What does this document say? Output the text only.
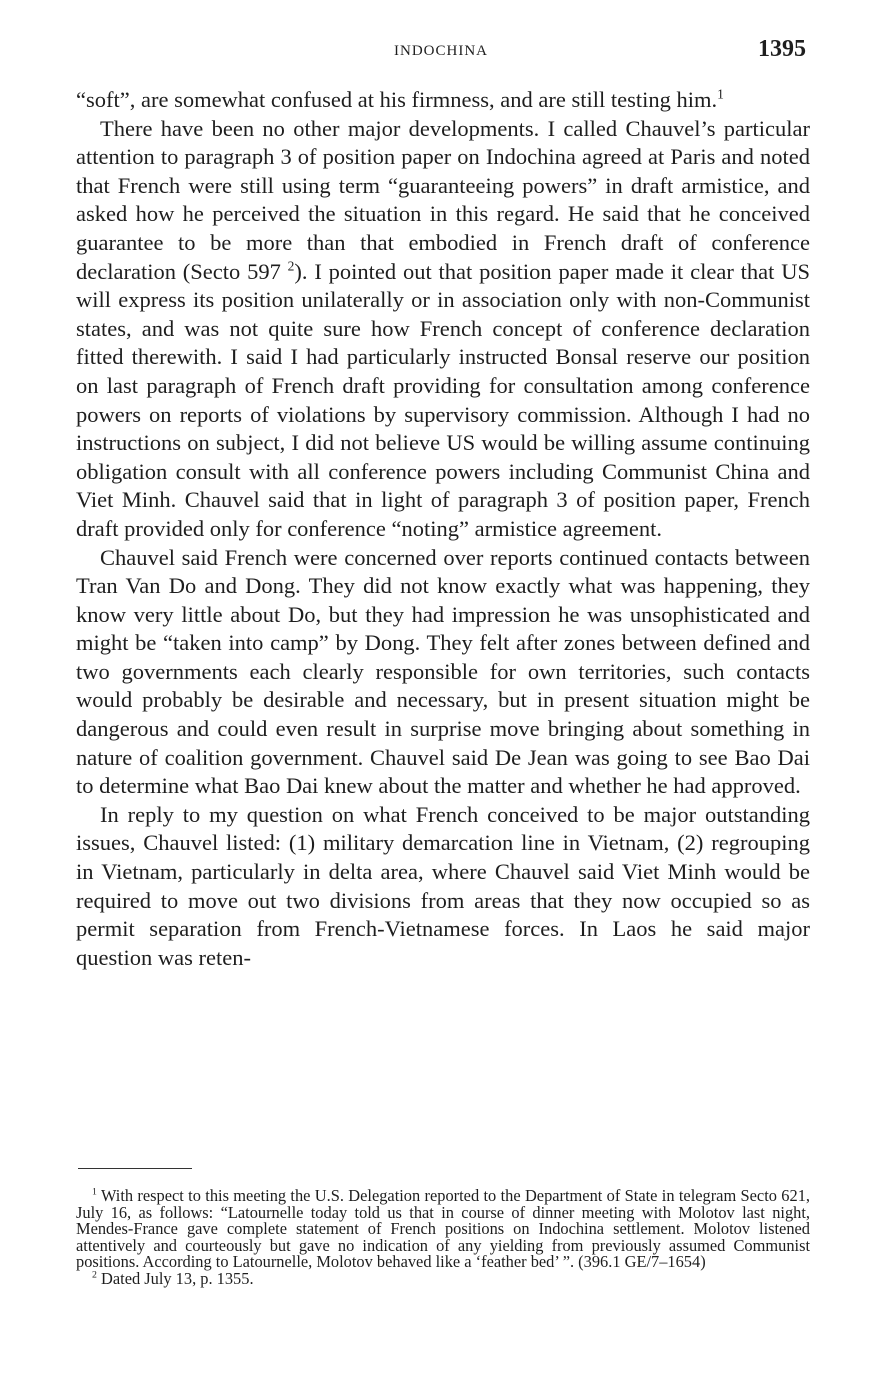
INDOCHINA	1395

“soft”, are somewhat confused at his firmness, and are still testing him.$^1$

There have been no other major developments. I called Chauvel’s particular attention to paragraph 3 of position paper on Indochina agreed at Paris and noted that French were still using term “guaranteeing powers” in draft armistice, and asked how he perceived the situation in this regard. He said that he conceived guarantee to be more than that embodied in French draft of conference declaration (Secto 597 $^2$). I pointed out that position paper made it clear that US will express its position unilaterally or in association only with non-Communist states, and was not quite sure how French concept of conference declaration fitted therewith. I said I had particularly instructed Bonsal reserve our position on last paragraph of French draft providing for consultation among conference powers on reports of violations by supervisory commission. Although I had no instructions on subject, I did not believe US would be willing assume continuing obligation consult with all conference powers including Communist China and Viet Minh. Chauvel said that in light of paragraph 3 of position paper, French draft provided only for conference “noting” armistice agreement.

Chauvel said French were concerned over reports continued contacts between Tran Van Do and Dong. They did not know exactly what was happening, they know very little about Do, but they had impression he was unsophisticated and might be “taken into camp” by Dong. They felt after zones between defined and two governments each clearly responsible for own territories, such contacts would probably be desirable and necessary, but in present situation might be dangerous and could even result in surprise move bringing about something in nature of coalition government. Chauvel said De Jean was going to see Bao Dai to determine what Bao Dai knew about the matter and whether he had approved.

In reply to my question on what French conceived to be major outstanding issues, Chauvel listed: (1) military demarcation line in Vietnam, (2) regrouping in Vietnam, particularly in delta area, where Chauvel said Viet Minh would be required to move out two divisions from areas that they now occupied so as permit separation from French-Vietnamese forces. In Laos he said major question was reten-

$^1$ With respect to this meeting the U.S. Delegation reported to the Department of State in telegram Secto 621, July 16, as follows: “Latournelle today told us that in course of dinner meeting with Molotov last night, Mendes-France gave complete statement of French positions on Indochina settlement. Molotov listened attentively and courteously but gave no indication of any yielding from previously assumed Communist positions. According to Latournelle, Molotov behaved like a ‘feather bed’ ”. (396.1 GE/7–1654)

$^2$ Dated July 13, p. 1355.
